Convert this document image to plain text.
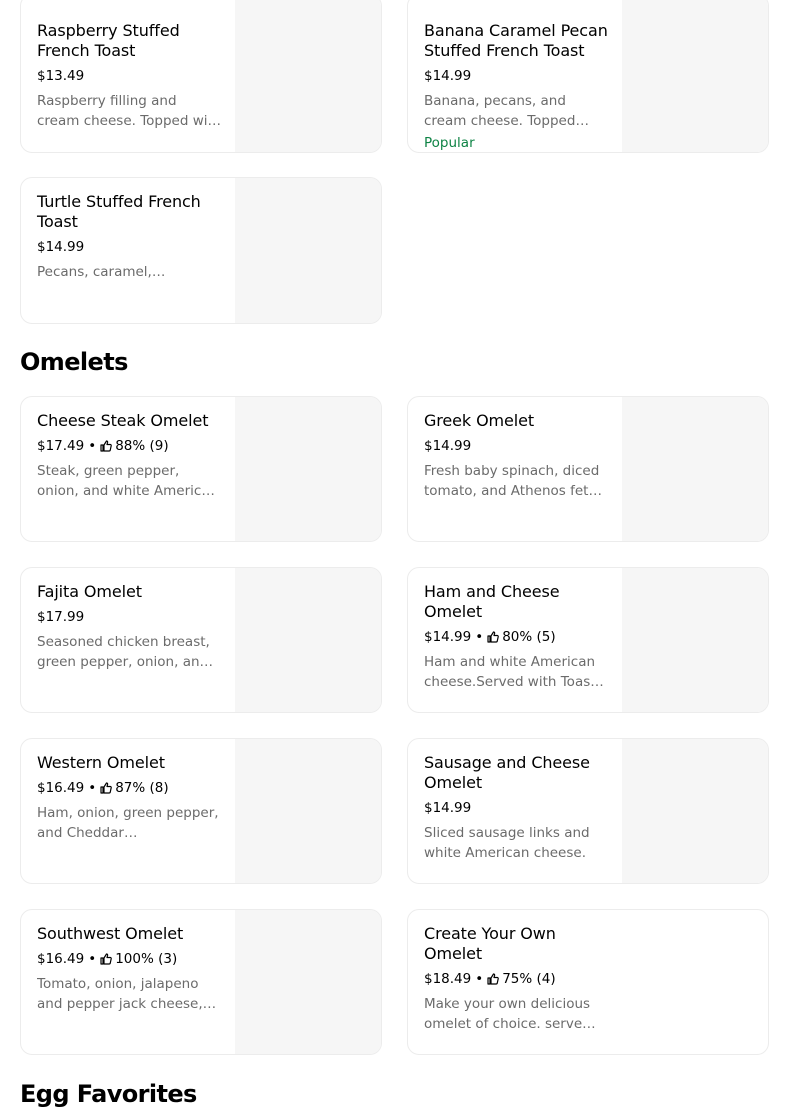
Raspberry Stuffed French Toast
$13.49
Raspberry filling and cream cheese. Topped with
Banana Caramel Pecan Stuffed French Toast
$14.99
Banana, pecans, and cream cheese. Topped
Popular
Turtle Stuffed French Toast
$14.99
Pecans, caramel,
Omelets
Cheese Steak Omelet
$17.49 • 88% (9)
Steak, green pepper, onion, and white American
Greek Omelet
$14.99
Fresh baby spinach, diced tomato, and Athenos feta
Fajita Omelet
$17.99
Seasoned chicken breast, green pepper, onion, and
Ham and Cheese Omelet
$14.99 • 80% (5)
Ham and white American cheese.Served with Toast
Western Omelet
$16.49 • 87% (8)
Ham, onion, green pepper, and Cheddar
Sausage and Cheese Omelet
$14.99
Sliced sausage links and white American cheese.
Southwest Omelet
$16.49 • 100% (3)
Tomato, onion, jalapeno and pepper jack cheese,
Create Your Own Omelet
$18.49 • 75% (4)
Make your own delicious omelet of choice. served
Egg Favorites
